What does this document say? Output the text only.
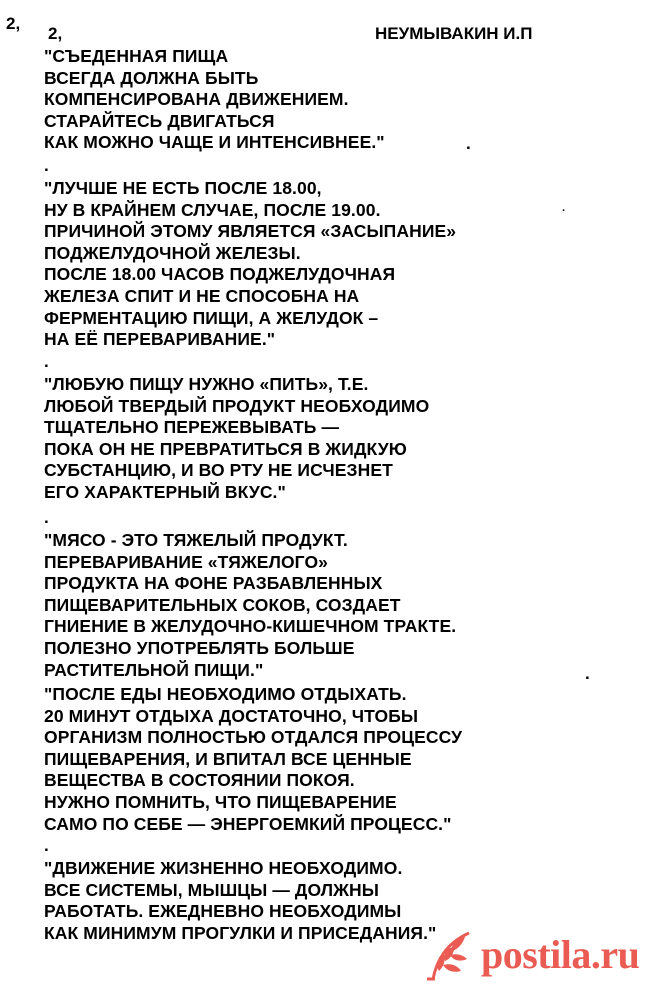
2,
2,	НЕУМЫВАКИН И.П
"СЪЕДЕННАЯ ПИЩА
ВСЕГДА ДОЛЖНА БЫТЬ
КОМПЕНСИРОВАНА ДВИЖЕНИЕМ.
СТАРАЙТЕСЬ ДВИГАТЬСЯ
КАК МОЖНО ЧАЩЕ И ИНТЕНСИВНЕЕ."	.
.
"ЛУЧШЕ НЕ ЕСТЬ ПОСЛЕ 18.00,
НУ В КРАЙНЕМ СЛУЧАЕ, ПОСЛЕ 19.00.
ПРИЧИНОЙ ЭТОМУ ЯВЛЯЕТСЯ «ЗАСЫПАНИЕ»
ПОДЖЕЛУДОЧНОЙ ЖЕЛЕЗЫ.
ПОСЛЕ 18.00 ЧАСОВ ПОДЖЕЛУДОЧНАЯ
ЖЕЛЕЗА СПИТ И НЕ СПОСОБНА НА
ФЕРМЕНТАЦИЮ ПИЩИ, А ЖЕЛУДОК –
НА ЕЁ ПЕРЕВАРИВАНИЕ."
.
.
"ЛЮБУЮ ПИЩУ НУЖНО «ПИТЬ», Т.Е.
ЛЮБОЙ ТВЕРДЫЙ ПРОДУКТ НЕОБХОДИМО
ТЩАТЕЛЬНО ПЕРЕЖЕВЫВАТЬ —
ПОКА ОН НЕ ПРЕВРАТИТЬСЯ В ЖИДКУЮ
СУБСТАНЦИЮ, И ВО РТУ НЕ ИСЧЕЗНЕТ
ЕГО ХАРАКТЕРНЫЙ ВКУС."
.
"МЯСО - ЭТО ТЯЖЕЛЫЙ ПРОДУКТ.
ПЕРЕВАРИВАНИЕ «ТЯЖЕЛОГО»
ПРОДУКТА НА ФОНЕ РАЗБАВЛЕННЫХ
ПИЩЕВАРИТЕЛЬНЫХ СОКОВ, СОЗДАЕТ
ГНИЕНИЕ В ЖЕЛУДОЧНО-КИШЕЧНОМ ТРАКТЕ.
ПОЛЕЗНО УПОТРЕБЛЯТЬ БОЛЬШЕ
РАСТИТЕЛЬНОЙ ПИЩИ."	.
"ПОСЛЕ ЕДЫ НЕОБХОДИМО ОТДЫХАТЬ.
20 МИНУТ ОТДЫХА ДОСТАТОЧНО, ЧТОБЫ
ОРГАНИЗМ ПОЛНОСТЬЮ ОТДАЛСЯ ПРОЦЕССУ
ПИЩЕВАРЕНИЯ, И ВПИТАЛ ВСЕ ЦЕННЫЕ
ВЕЩЕСТВА В СОСТОЯНИИ ПОКОЯ.
НУЖНО ПОМНИТЬ, ЧТО ПИЩЕВАРЕНИЕ
САМО ПО СЕБЕ — ЭНЕРГОЕМКИЙ ПРОЦЕСС."
.
"ДВИЖЕНИЕ ЖИЗНЕННО НЕОБХОДИМО.
ВСЕ СИСТЕМЫ, МЫШЦЫ — ДОЛЖНЫ
РАБОТАТЬ. ЕЖЕДНЕВНО НЕОБХОДИМЫ
КАК МИНИМУМ ПРОГУЛКИ И ПРИСЕДАНИЯ." postila.ru
